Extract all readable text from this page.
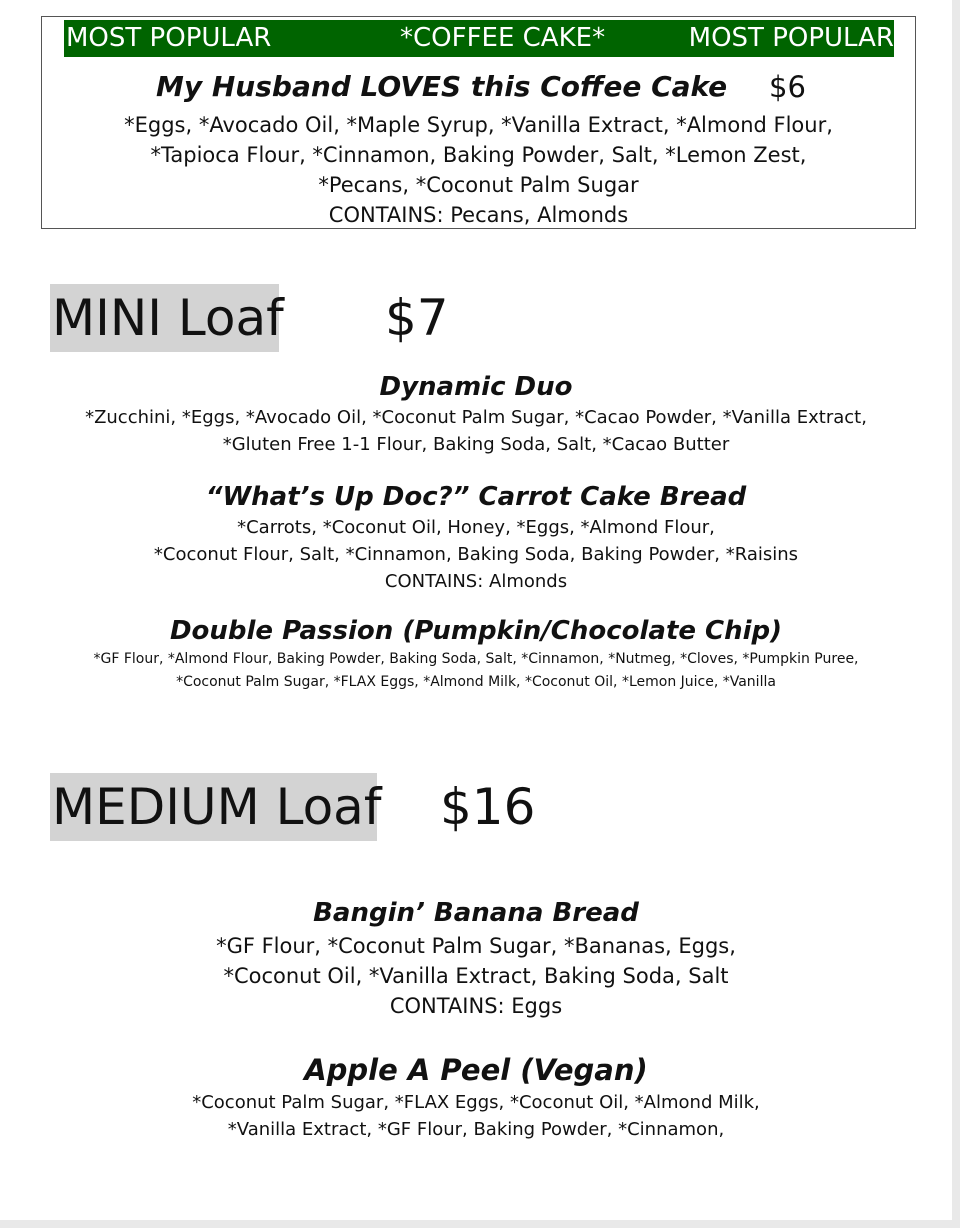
MOST POPULAR	*COFFEE CAKE*	MOST POPULAR
My Husband LOVES this Coffee Cake $6
*Eggs, *Avocado Oil, *Maple Syrup, *Vanilla Extract, *Almond Flour,
*Tapioca Flour, *Cinnamon, Baking Powder, Salt, *Lemon Zest,
*Pecans, *Coconut Palm Sugar
CONTAINS: Pecans, Almonds
MINI Loaf $7
Dynamic Duo
*Zucchini, *Eggs, *Avocado Oil, *Coconut Palm Sugar, *Cacao Powder, *Vanilla Extract,
*Gluten Free 1-1 Flour, Baking Soda, Salt, *Cacao Butter
“What’s Up Doc?” Carrot Cake Bread
*Carrots, *Coconut Oil, Honey, *Eggs, *Almond Flour,
*Coconut Flour, Salt, *Cinnamon, Baking Soda, Baking Powder, *Raisins
CONTAINS: Almonds
Double Passion (Pumpkin/Chocolate Chip)
*GF Flour, *Almond Flour, Baking Powder, Baking Soda, Salt, *Cinnamon, *Nutmeg, *Cloves, *Pumpkin Puree,
*Coconut Palm Sugar, *FLAX Eggs, *Almond Milk, *Coconut Oil, *Lemon Juice, *Vanilla
MEDIUM Loaf $16
Bangin’ Banana Bread
*GF Flour, *Coconut Palm Sugar, *Bananas, Eggs,
*Coconut Oil, *Vanilla Extract, Baking Soda, Salt
CONTAINS: Eggs
Apple A Peel (Vegan)
*Coconut Palm Sugar, *FLAX Eggs, *Coconut Oil, *Almond Milk,
*Vanilla Extract, *GF Flour, Baking Powder, *Cinnamon,
